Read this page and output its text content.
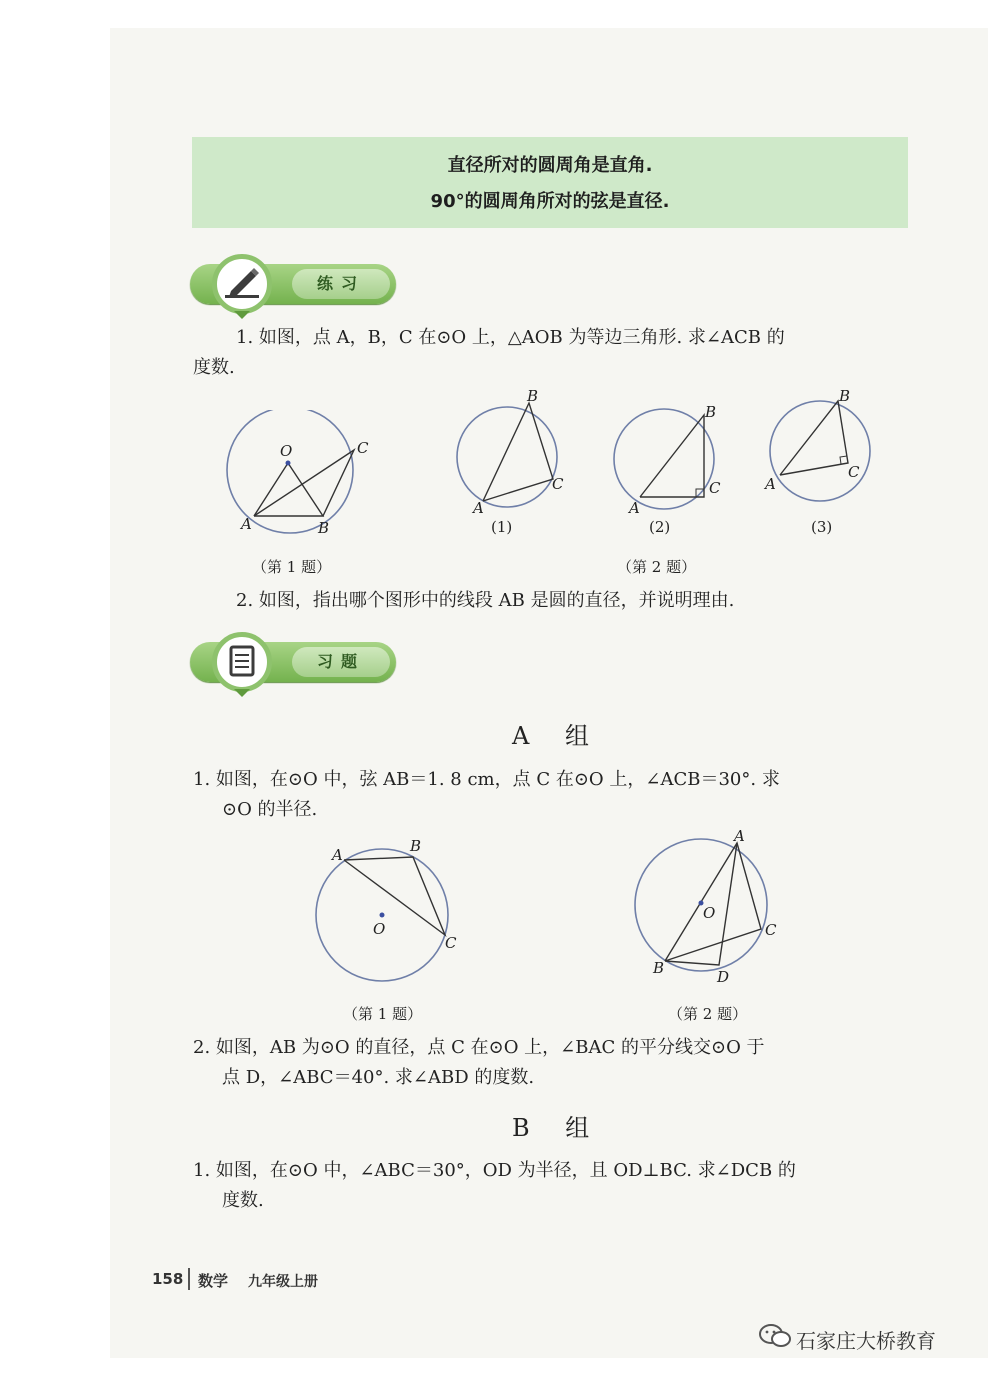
直径所对的圆周角是直角.
90°的圆周角所对的弦是直径.
练习
1. 如图，点 A，B，C 在⊙O 上，△AOB 为等边三角形. 求∠ACB 的
度数.
O
A	B
C
（第 1 题）
B
A
C
(1)
B
A
C
(2)
B
A
C
(3)
（第 2 题）
2. 如图，指出哪个图形中的线段 AB 是圆的直径，并说明理由.
习题
A 组
1. 如图，在⊙O 中，弦 AB＝1. 8 cm，点 C 在⊙O 上，∠ACB＝30°. 求
⊙O 的半径.
O
A	B
C
（第 1 题）
O
A
B
C
D
（第 2 题）
2. 如图，AB 为⊙O 的直径，点 C 在⊙O 上，∠BAC 的平分线交⊙O 于
点 D，∠ABC＝40°. 求∠ABD 的度数.
B 组
1. 如图，在⊙O 中，∠ABC＝30°，OD 为半径，且 OD⊥BC. 求∠DCB 的
度数.
158 数学 九年级上册
石家庄大桥教育
